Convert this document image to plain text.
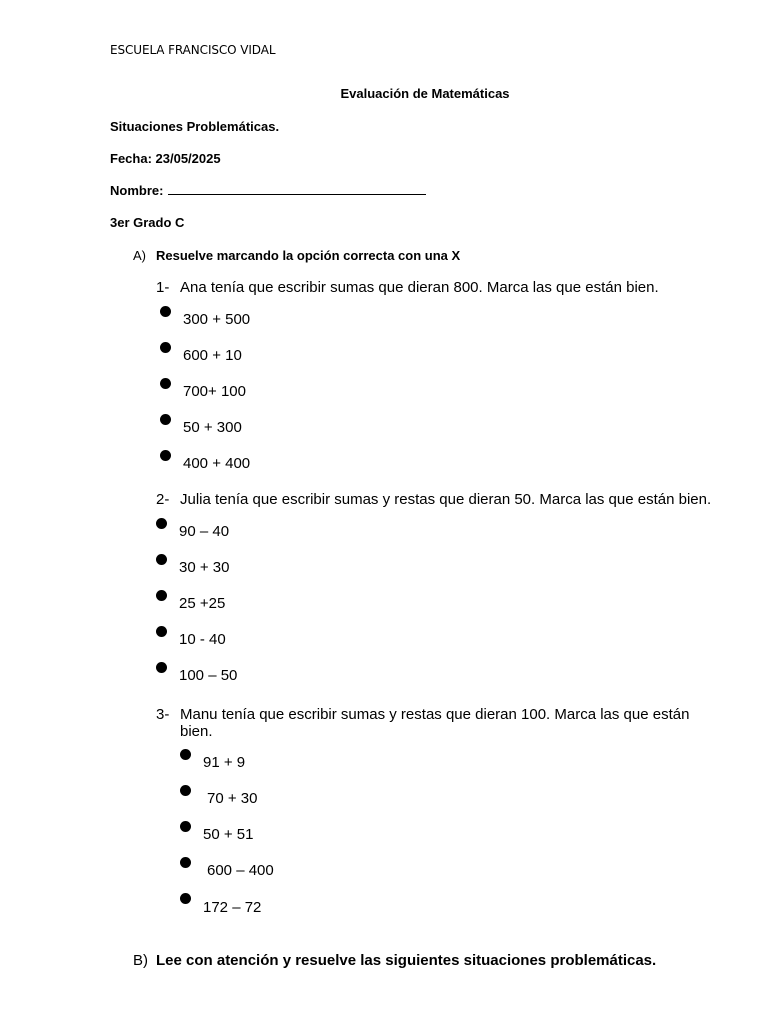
ESCUELA FRANCISCO VIDAL
Evaluación de Matemáticas
Situaciones Problemáticas.
Fecha: 23/05/2025
Nombre:
3er Grado C
A) Resuelve marcando la opción correcta con una X
1- Ana tenía que escribir sumas que dieran 800. Marca las que están bien.
300 + 500
600 + 10
700+ 100
50 + 300
400 + 400
2- Julia tenía que escribir sumas y restas que dieran 50. Marca las que están bien.
90 – 40
30 + 30
25 +25
10 - 40
100 – 50
3- Manu tenía que escribir sumas y restas que dieran 100. Marca las que están bien.
91 + 9
70 + 30
50 + 51
600 – 400
172 – 72
B) Lee con atención y resuelve las siguientes situaciones problemáticas.
